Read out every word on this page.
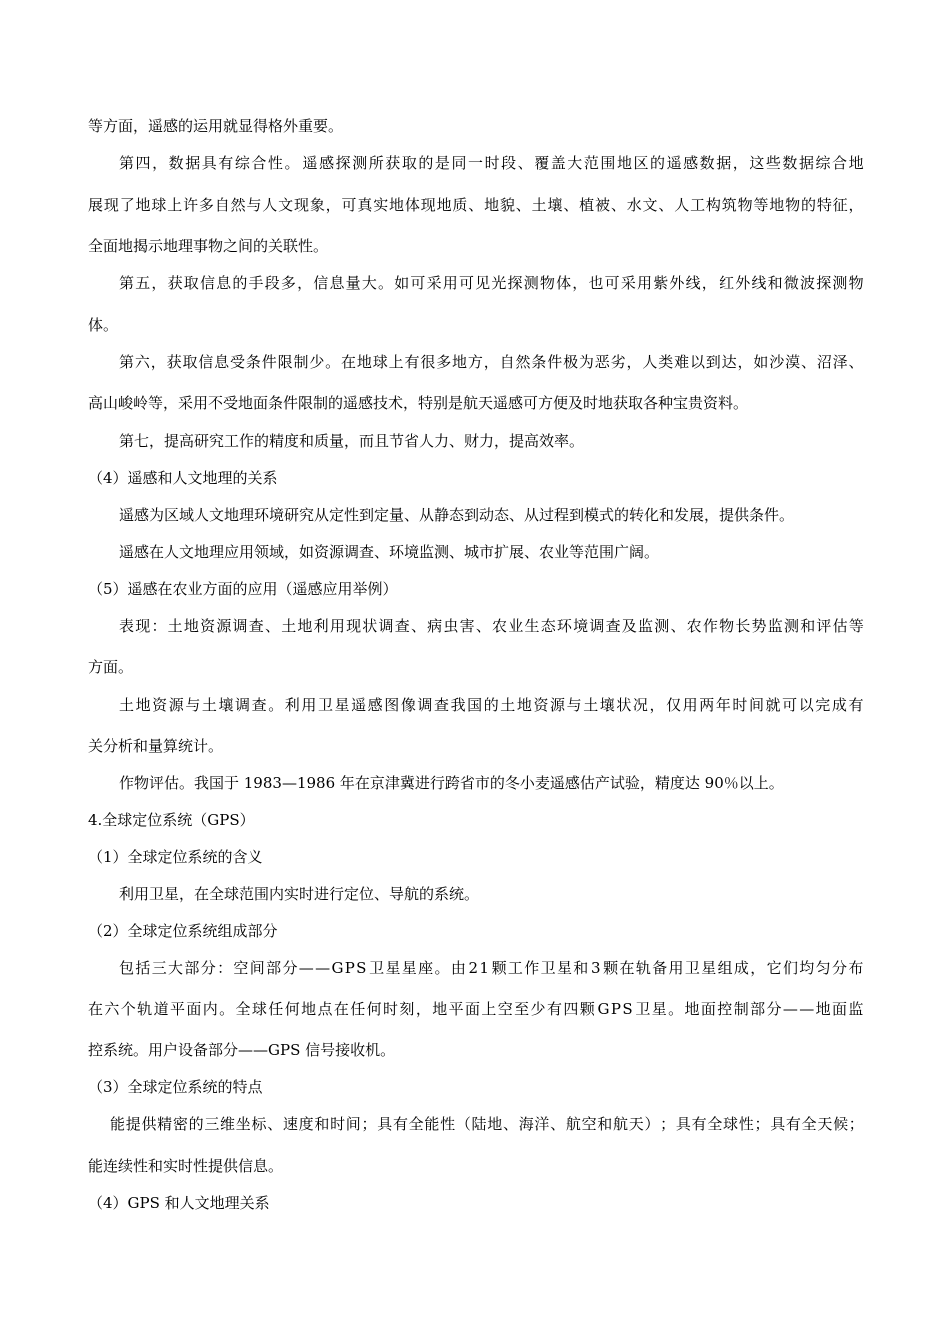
等方面，遥感的运用就显得格外重要。
第 四 ， 数 据 具 有 综 合 性 。 遥 感 探 测 所 获 取 的 是 同 一 时 段 、 覆 盖 大 范 围 地 区 的 遥 感 数 据 ， 这 些 数 据 综 合 地
展 现 了 地 球 上 许 多 自 然 与 人 文 现 象 ， 可 真 实 地 体 现 地 质 、 地 貌 、 土 壤 、 植 被 、 水 文 、 人 工 构 筑 物 等 地 物 的 特 征 ，
全面地揭示地理事物之间的关联性。
第 五 ， 获 取 信 息 的 手 段 多 ， 信 息 量 大 。 如 可 采 用 可 见 光 探 测 物 体 ， 也 可 采 用 紫 外 线 ， 红 外 线 和 微 波 探 测 物
体。
第 六 ， 获 取 信 息 受 条 件 限 制 少 。 在 地 球 上 有 很 多 地 方 ， 自 然 条 件 极 为 恶 劣 ， 人 类 难 以 到 达 ， 如 沙 漠 、 沼 泽 、
高山峻岭等，采用不受地面条件限制的遥感技术，特别是航天遥感可方便及时地获取各种宝贵资料。
第七，提高研究工作的精度和质量，而且节省人力、财力，提高效率。
（4）遥感和人文地理的关系
遥感为区域人文地理环境研究从定性到定量、从静态到动态、从过程到模式的转化和发展，提供条件。
遥感在人文地理应用领域，如资源调查、环境监测、城市扩展、农业等范围广阔。
（5）遥感在农业方面的应用（遥感应用举例）
表 现 ： 土 地 资 源 调 查 、 土 地 利 用 现 状 调 查 、 病 虫 害 、 农 业 生 态 环 境 调 查 及 监 测 、 农 作 物 长 势 监 测 和 评 估 等
方面。
土 地 资 源 与 土 壤 调 查 。 利 用 卫 星 遥 感 图 像 调 查 我 国 的 土 地 资 源 与 土 壤 状 况 ， 仅 用 两 年 时 间 就 可 以 完 成 有
关分析和量算统计。
作物评估。我国于 1983—1986 年在京津冀进行跨省市的冬小麦遥感估产试验，精度达 90％以上。
4.全球定位系统（GPS）
（1）全球定位系统的含义
利用卫星，在全球范围内实时进行定位、导航的系统。
（2）全球定位系统组成部分
包 括 三 大 部 分 ： 空 间 部 分 — — G P S 卫 星 星 座 。 由 2 1 颗 工 作 卫 星 和 3 颗 在 轨 备 用 卫 星 组 成 ， 它 们 均 匀 分 布
在 六 个 轨 道 平 面 内 。 全 球 任 何 地 点 在 任 何 时 刻 ， 地 平 面 上 空 至 少 有 四 颗 G P S 卫 星 。 地 面 控 制 部 分 — — 地 面 监
控系统。用户设备部分——GPS 信号接收机。
（3）全球定位系统的特点
能 提 供 精 密 的 三 维 坐 标 、 速 度 和 时 间 ； 具 有 全 能 性 （ 陆 地 、 海 洋 、 航 空 和 航 天 ） ； 具 有 全 球 性 ； 具 有 全 天 候 ；
能连续性和实时性提供信息。
（4）GPS 和人文地理关系
